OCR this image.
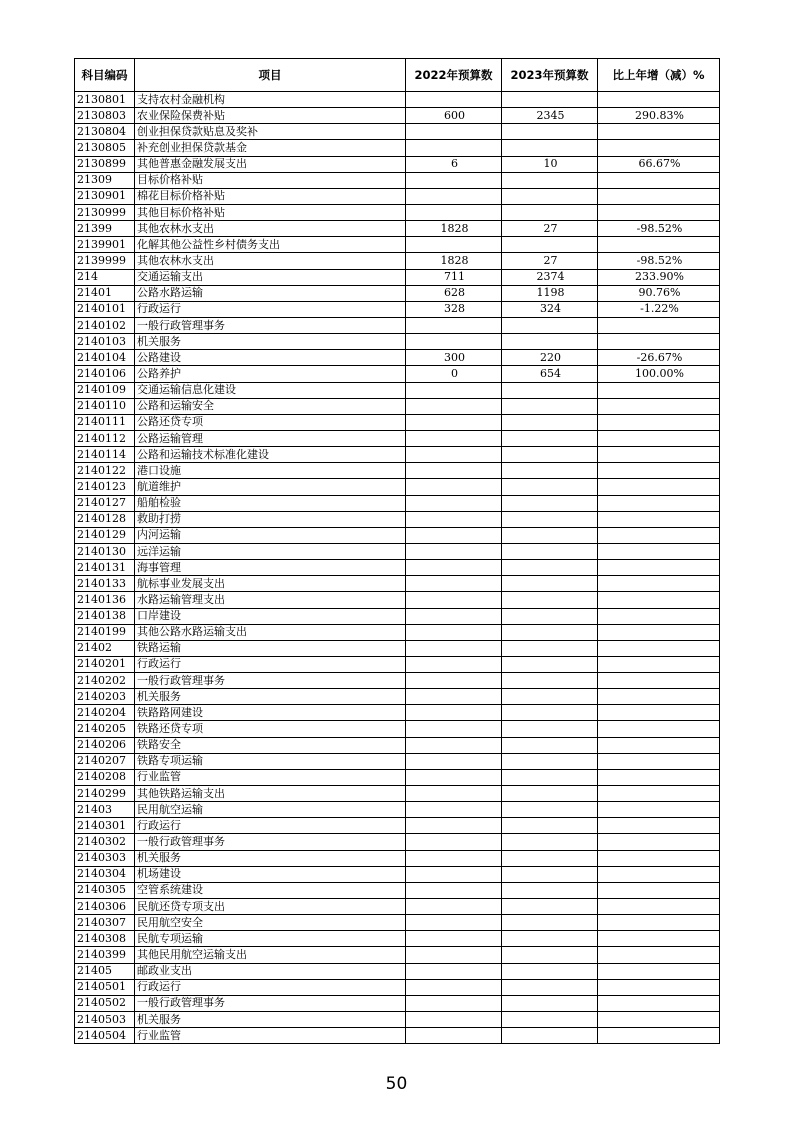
科目编码	项目	2022年预算数	2023年预算数	比上年增（减）%
2130801	支持农村金融机构			
2130803	农业保险保费补贴	600	2345	290.83%
2130804	创业担保贷款贴息及奖补			
2130805	补充创业担保贷款基金			
2130899	其他普惠金融发展支出	6	10	66.67%
21309	目标价格补贴			
2130901	棉花目标价格补贴			
2130999	其他目标价格补贴			
21399	其他农林水支出	1828	27	-98.52%
2139901	化解其他公益性乡村债务支出			
2139999	其他农林水支出	1828	27	-98.52%
214	交通运输支出	711	2374	233.90%
21401	公路水路运输	628	1198	90.76%
2140101	行政运行	328	324	-1.22%
2140102	一般行政管理事务			
2140103	机关服务			
2140104	公路建设	300	220	-26.67%
2140106	公路养护	0	654	100.00%
2140109	交通运输信息化建设			
2140110	公路和运输安全			
2140111	公路还贷专项			
2140112	公路运输管理			
2140114	公路和运输技术标准化建设			
2140122	港口设施			
2140123	航道维护			
2140127	船舶检验			
2140128	救助打捞			
2140129	内河运输			
2140130	远洋运输			
2140131	海事管理			
2140133	航标事业发展支出			
2140136	水路运输管理支出			
2140138	口岸建设			
2140199	其他公路水路运输支出			
21402	铁路运输			
2140201	行政运行			
2140202	一般行政管理事务			
2140203	机关服务			
2140204	铁路路网建设			
2140205	铁路还贷专项			
2140206	铁路安全			
2140207	铁路专项运输			
2140208	行业监管			
2140299	其他铁路运输支出			
21403	民用航空运输			
2140301	行政运行			
2140302	一般行政管理事务			
2140303	机关服务			
2140304	机场建设			
2140305	空管系统建设			
2140306	民航还贷专项支出			
2140307	民用航空安全			
2140308	民航专项运输			
2140399	其他民用航空运输支出			
21405	邮政业支出			
2140501	行政运行			
2140502	一般行政管理事务			
2140503	机关服务			
2140504	行业监管			
50
